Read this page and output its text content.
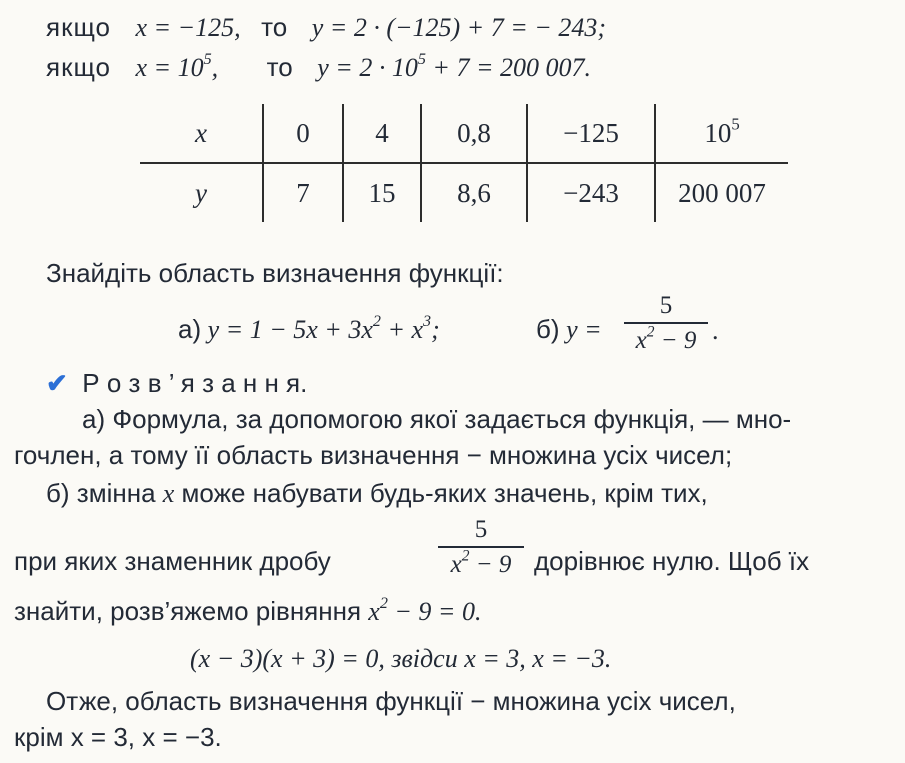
якщо x = −125, то y = 2 · (−125) + 7 = − 243;
якщо $x = 10^5$, то $y = 2 \cdot 10^5 + 7 = 200$ 007.
x	0	4	0,8	−125	$10^5$
y	7	15	8,6	−243	200 007
Знайдіть область визначення функції:
а) $y = 1 - 5x + 3x^2 + x^3$;	б) y =
5
$x^2 - 9$ .
✔ Р о з в ’ я з а н н я.
а) Формула, за допомогою якої задається функція, — мно-
гочлен, а тому її область визначення − множина усіх чисел;
б) змінна x може набувати будь-яких значень, крім тих,
при яких знаменник дробу
5
$x^2 - 9$ дорівнює нулю. Щоб їх
знайти, розв’яжемо рівняння $x^2 - 9 = 0$.
(x − 3)(x + 3) = 0, звідси x = 3, x = −3.
Отже, область визначення функції − множина усіх чисел,
крім x = 3, x = −3.
